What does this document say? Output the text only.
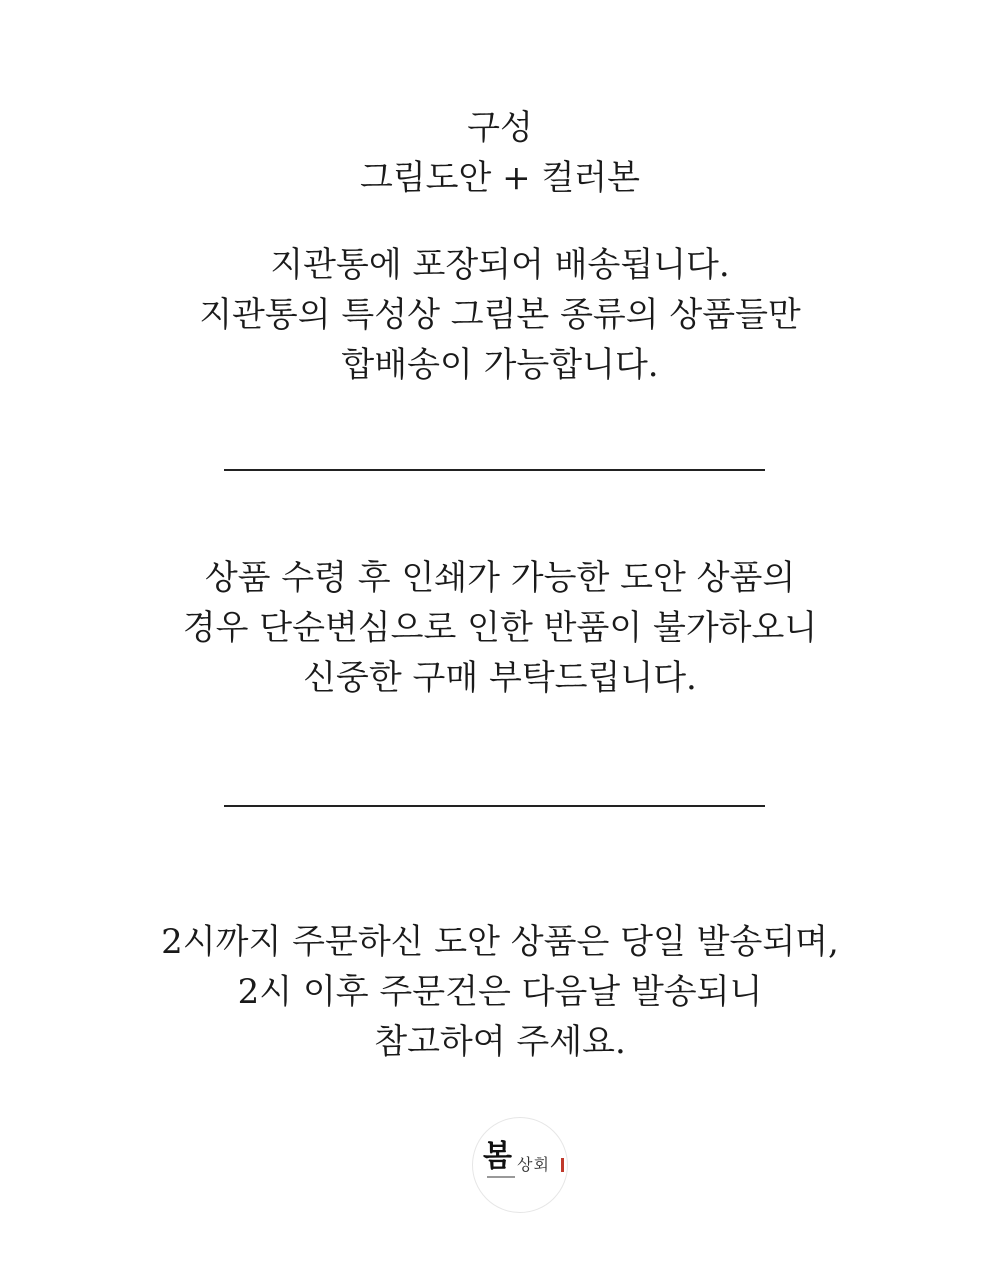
구성
그림도안 + 컬러본
지관통에 포장되어 배송됩니다.
지관통의 특성상 그림본 종류의 상품들만
합배송이 가능합니다.
상품 수령 후 인쇄가 가능한 도안 상품의
경우 단순변심으로 인한 반품이 불가하오니
신중한 구매 부탁드립니다.
2시까지 주문하신 도안 상품은 당일 발송되며,
2시 이후 주문건은 다음날 발송되니
참고하여 주세요.
봄 상회
